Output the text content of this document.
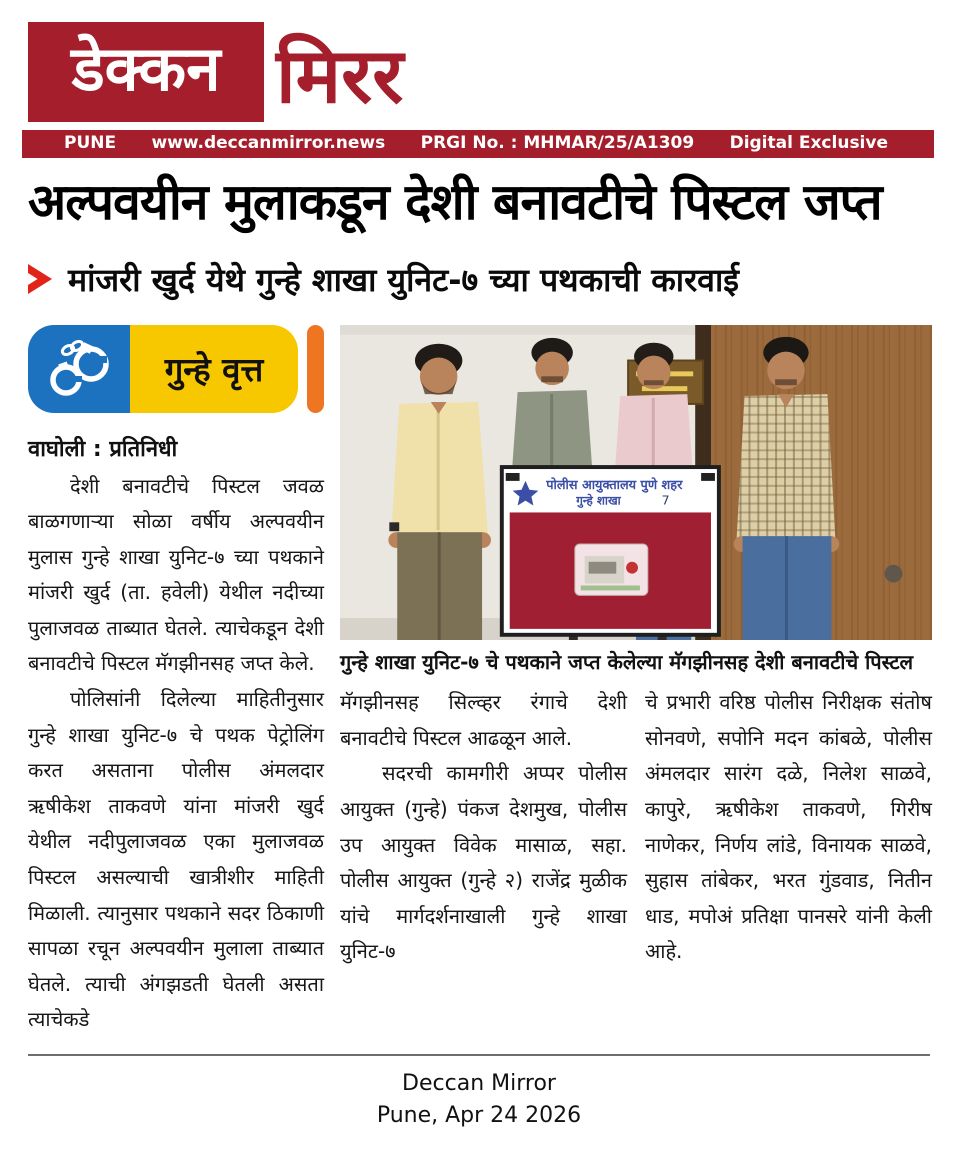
डेक्कन मिरर
PUNE www.deccanmirror.news PRGI No. : MHMAR/25/A1309 Digital Exclusive
अल्पवयीन मुलाकडून देशी बनावटीचे पिस्टल जप्त
मांजरी खुर्द येथे गुन्हे शाखा युनिट-७ च्या पथकाची कारवाई
गुन्हे वृत्त

वाघोली : प्रतिनिधी

देशी बनावटीचे पिस्टल जवळ बाळगणाऱ्या सोळा वर्षीय अल्पवयीन मुलास गुन्हे शाखा युनिट-७ च्या पथकाने मांजरी खुर्द (ता. हवेली) येथील नदीच्या पुलाजवळ ताब्यात घेतले. त्याचेकडून देशी बनावटीचे पिस्टल मॅगझीनसह जप्त केले.

पोलिसांनी दिलेल्या माहितीनुसार गुन्हे शाखा युनिट-७ चे पथक पेट्रोलिंग करत असताना पोलीस अंमलदार ऋषीकेश ताकवणे यांना मांजरी खुर्द येथील नदीपुलाजवळ एका मुलाजवळ पिस्टल असल्याची खात्रीशीर माहिती मिळाली. त्यानुसार पथकाने सदर ठिकाणी सापळा रचून अल्पवयीन मुलाला ताब्यात घेतले. त्याची अंगझडती घेतली असता त्याचेकडे

पोलीस आयुक्तालय पुणे शहर
गुन्हे शाखा	7
गुन्हे शाखा युनिट-७ चे पथकाने जप्त केलेल्या मॅगझीनसह देशी बनावटीचे पिस्टल

मॅगझीनसह सिल्व्हर रंगाचे देशी बनावटीचे पिस्टल आढळून आले.

सदरची कामगीरी अप्पर पोलीस आयुक्त (गुन्हे) पंकज देशमुख, पोलीस उप आयुक्त विवेक मासाळ, सहा. पोलीस आयुक्त (गुन्हे २) राजेंद्र मुळीक यांचे मार्गदर्शनाखाली गुन्हे शाखा युनिट-७

चे प्रभारी वरिष्ठ पोलीस निरीक्षक संतोष सोनवणे, सपोनि मदन कांबळे, पोलीस अंमलदार सारंग दळे, निलेश साळवे, कापुरे, ऋषीकेश ताकवणे, गिरीष नाणेकर, निर्णय लांडे, विनायक साळवे, सुहास तांबेकर, भरत गुंडवाड, नितीन धाड, मपोअं प्रतिक्षा पानसरे यांनी केली आहे.

Deccan Mirror
Pune, Apr 24 2026
